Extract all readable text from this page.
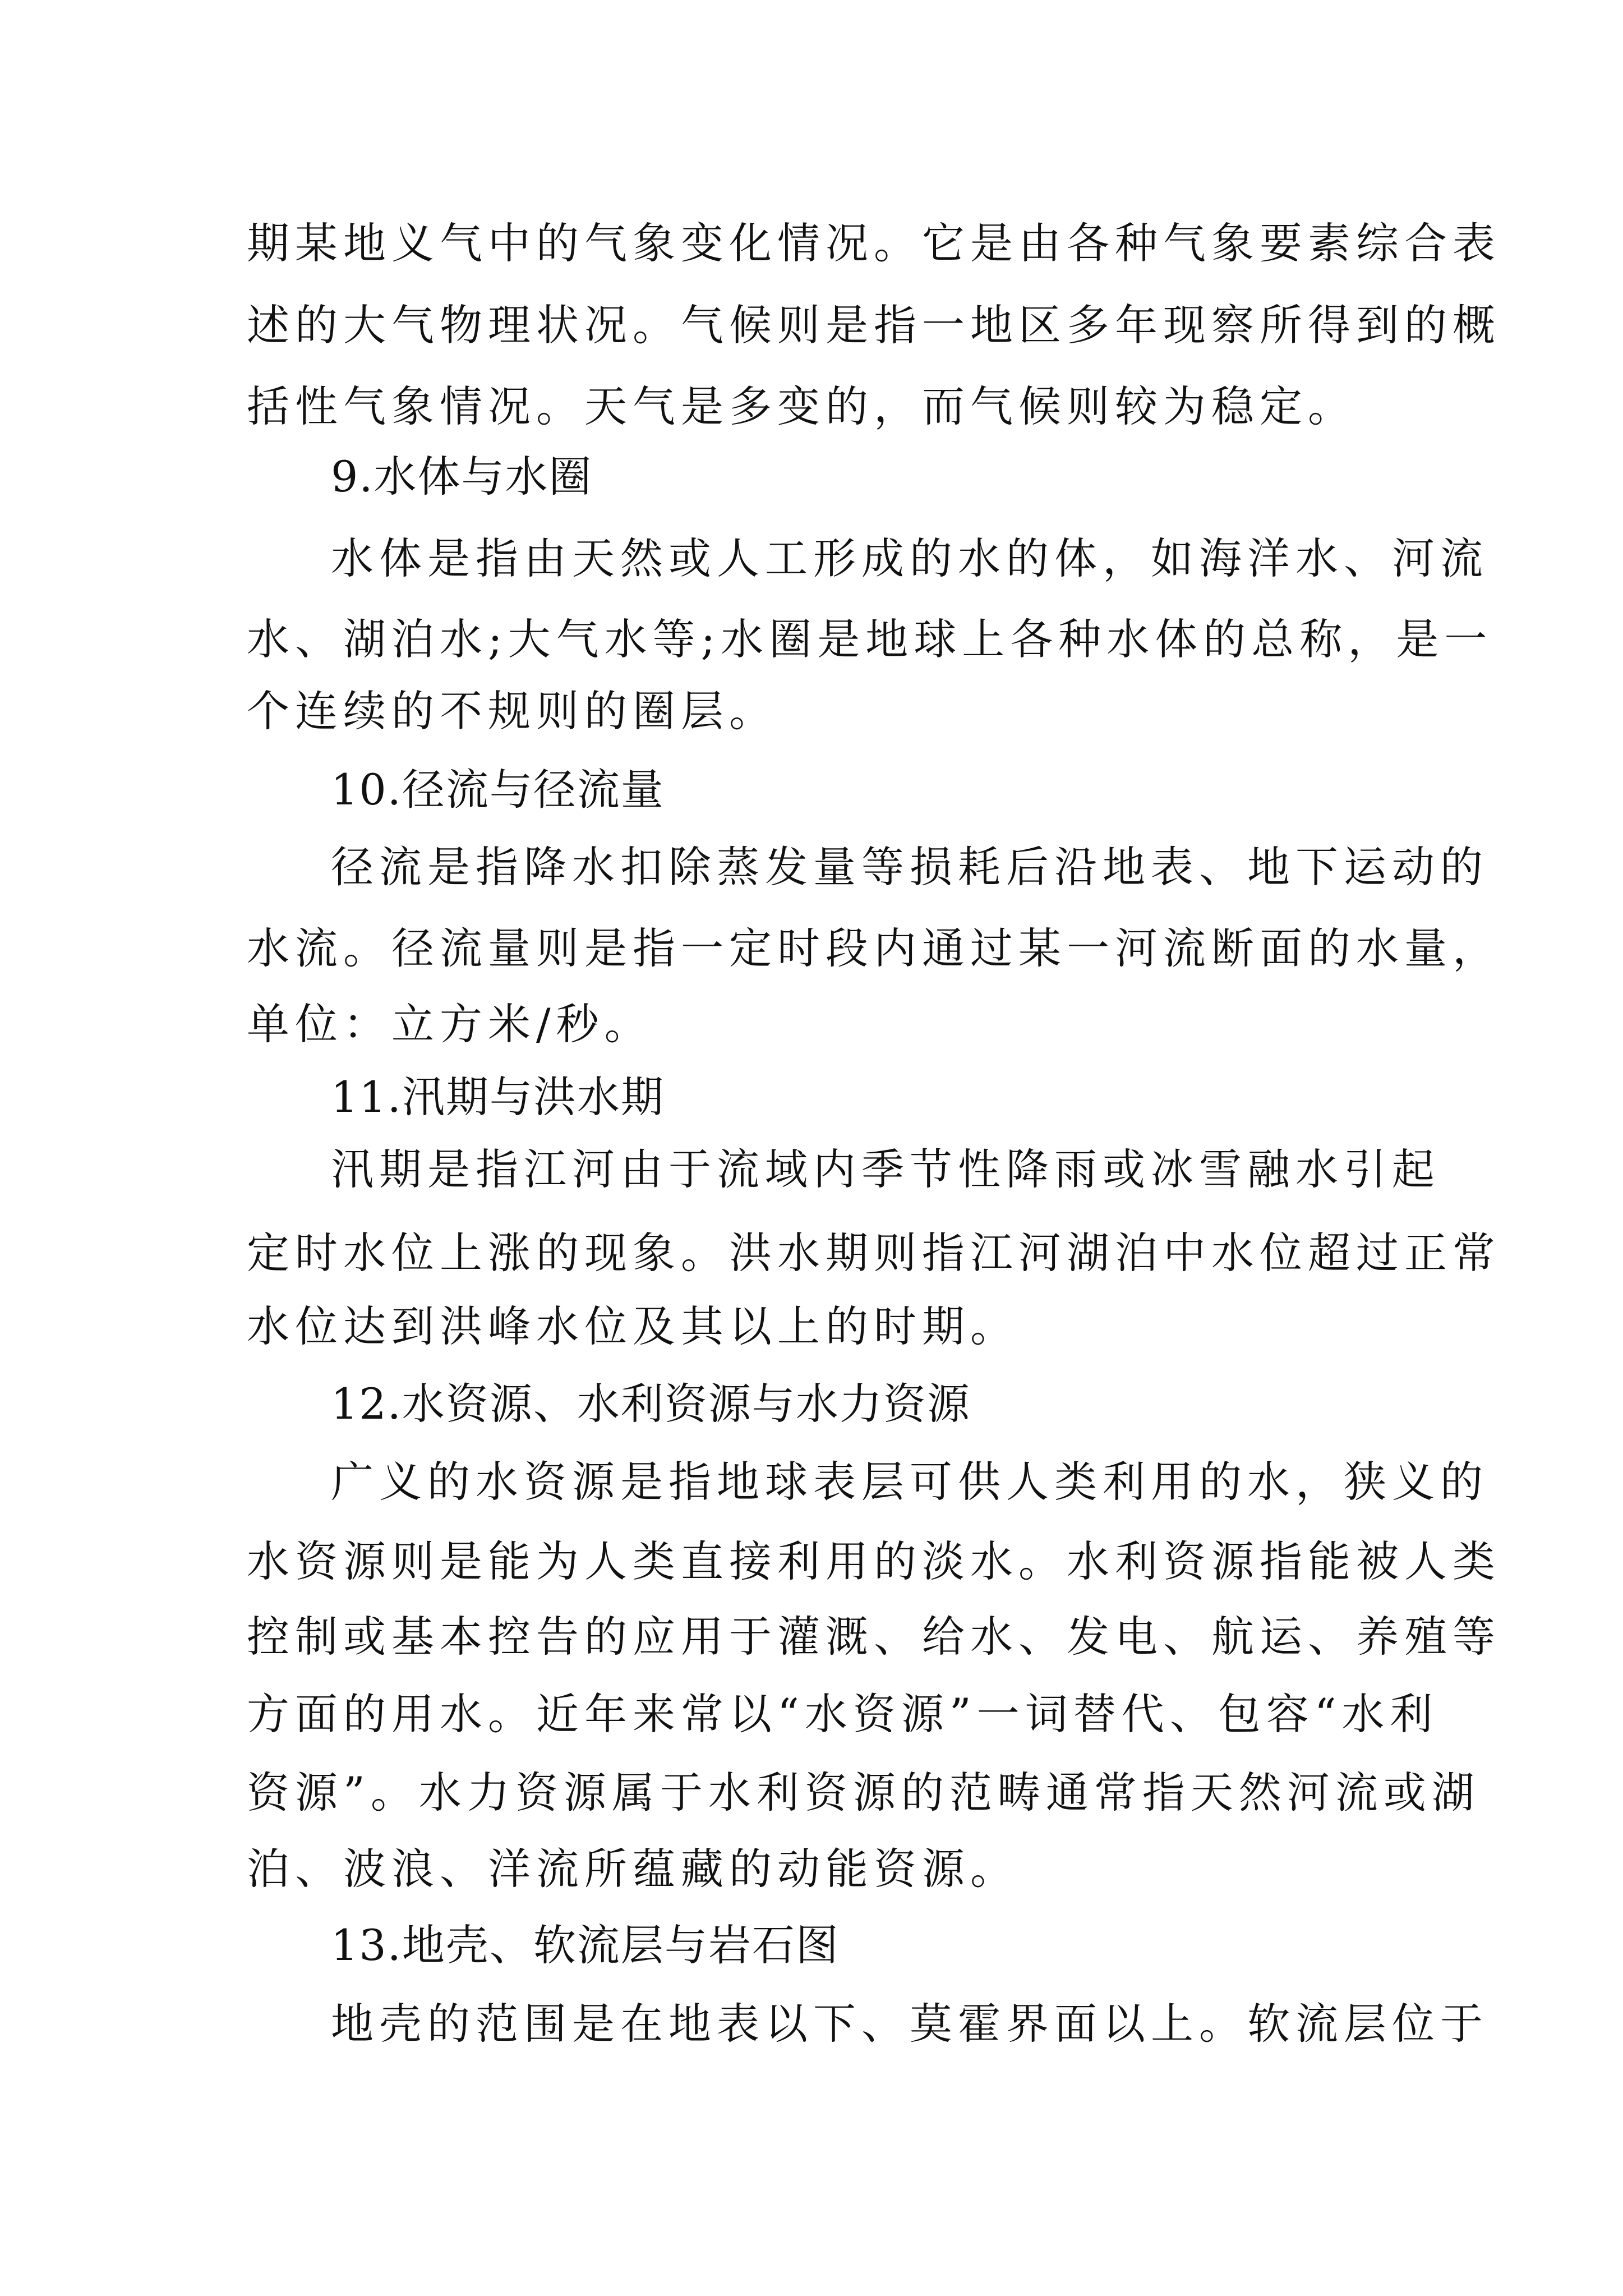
期某地义气中的气象变化情况。它是由各种气象要素综合表
述的大气物理状况。气候则是指一地区多年现察所得到的概
括性气象情况。天气是多变的，而气候则较为稳定。
9.水体与水圈
水体是指由天然或人工形成的水的体，如海洋水、河流
水、湖泊水;大气水等;水圈是地球上各种水体的总称，是一
个连续的不规则的圈层。
10.径流与径流量
径流是指降水扣除蒸发量等损耗后沿地表、地下运动的
水流。径流量则是指一定时段内通过某一河流断面的水量，
单位：立方米/秒。
11.汛期与洪水期
汛期是指江河由于流域内季节性降雨或冰雪融水引起
定时水位上涨的现象。洪水期则指江河湖泊中水位超过正常
水位达到洪峰水位及其以上的时期。
12.水资源、水利资源与水力资源
广义的水资源是指地球表层可供人类利用的水，狭义的
水资源则是能为人类直接利用的淡水。水利资源指能被人类
控制或基本控告的应用于灌溉、给水、发电、航运、养殖等
方面的用水。近年来常以“水资源”一词替代、包容“水利
资源”。水力资源属于水利资源的范畴通常指天然河流或湖
泊、波浪、洋流所蕴藏的动能资源。
13.地壳、软流层与岩石图
地壳的范围是在地表以下、莫霍界面以上。软流层位于
